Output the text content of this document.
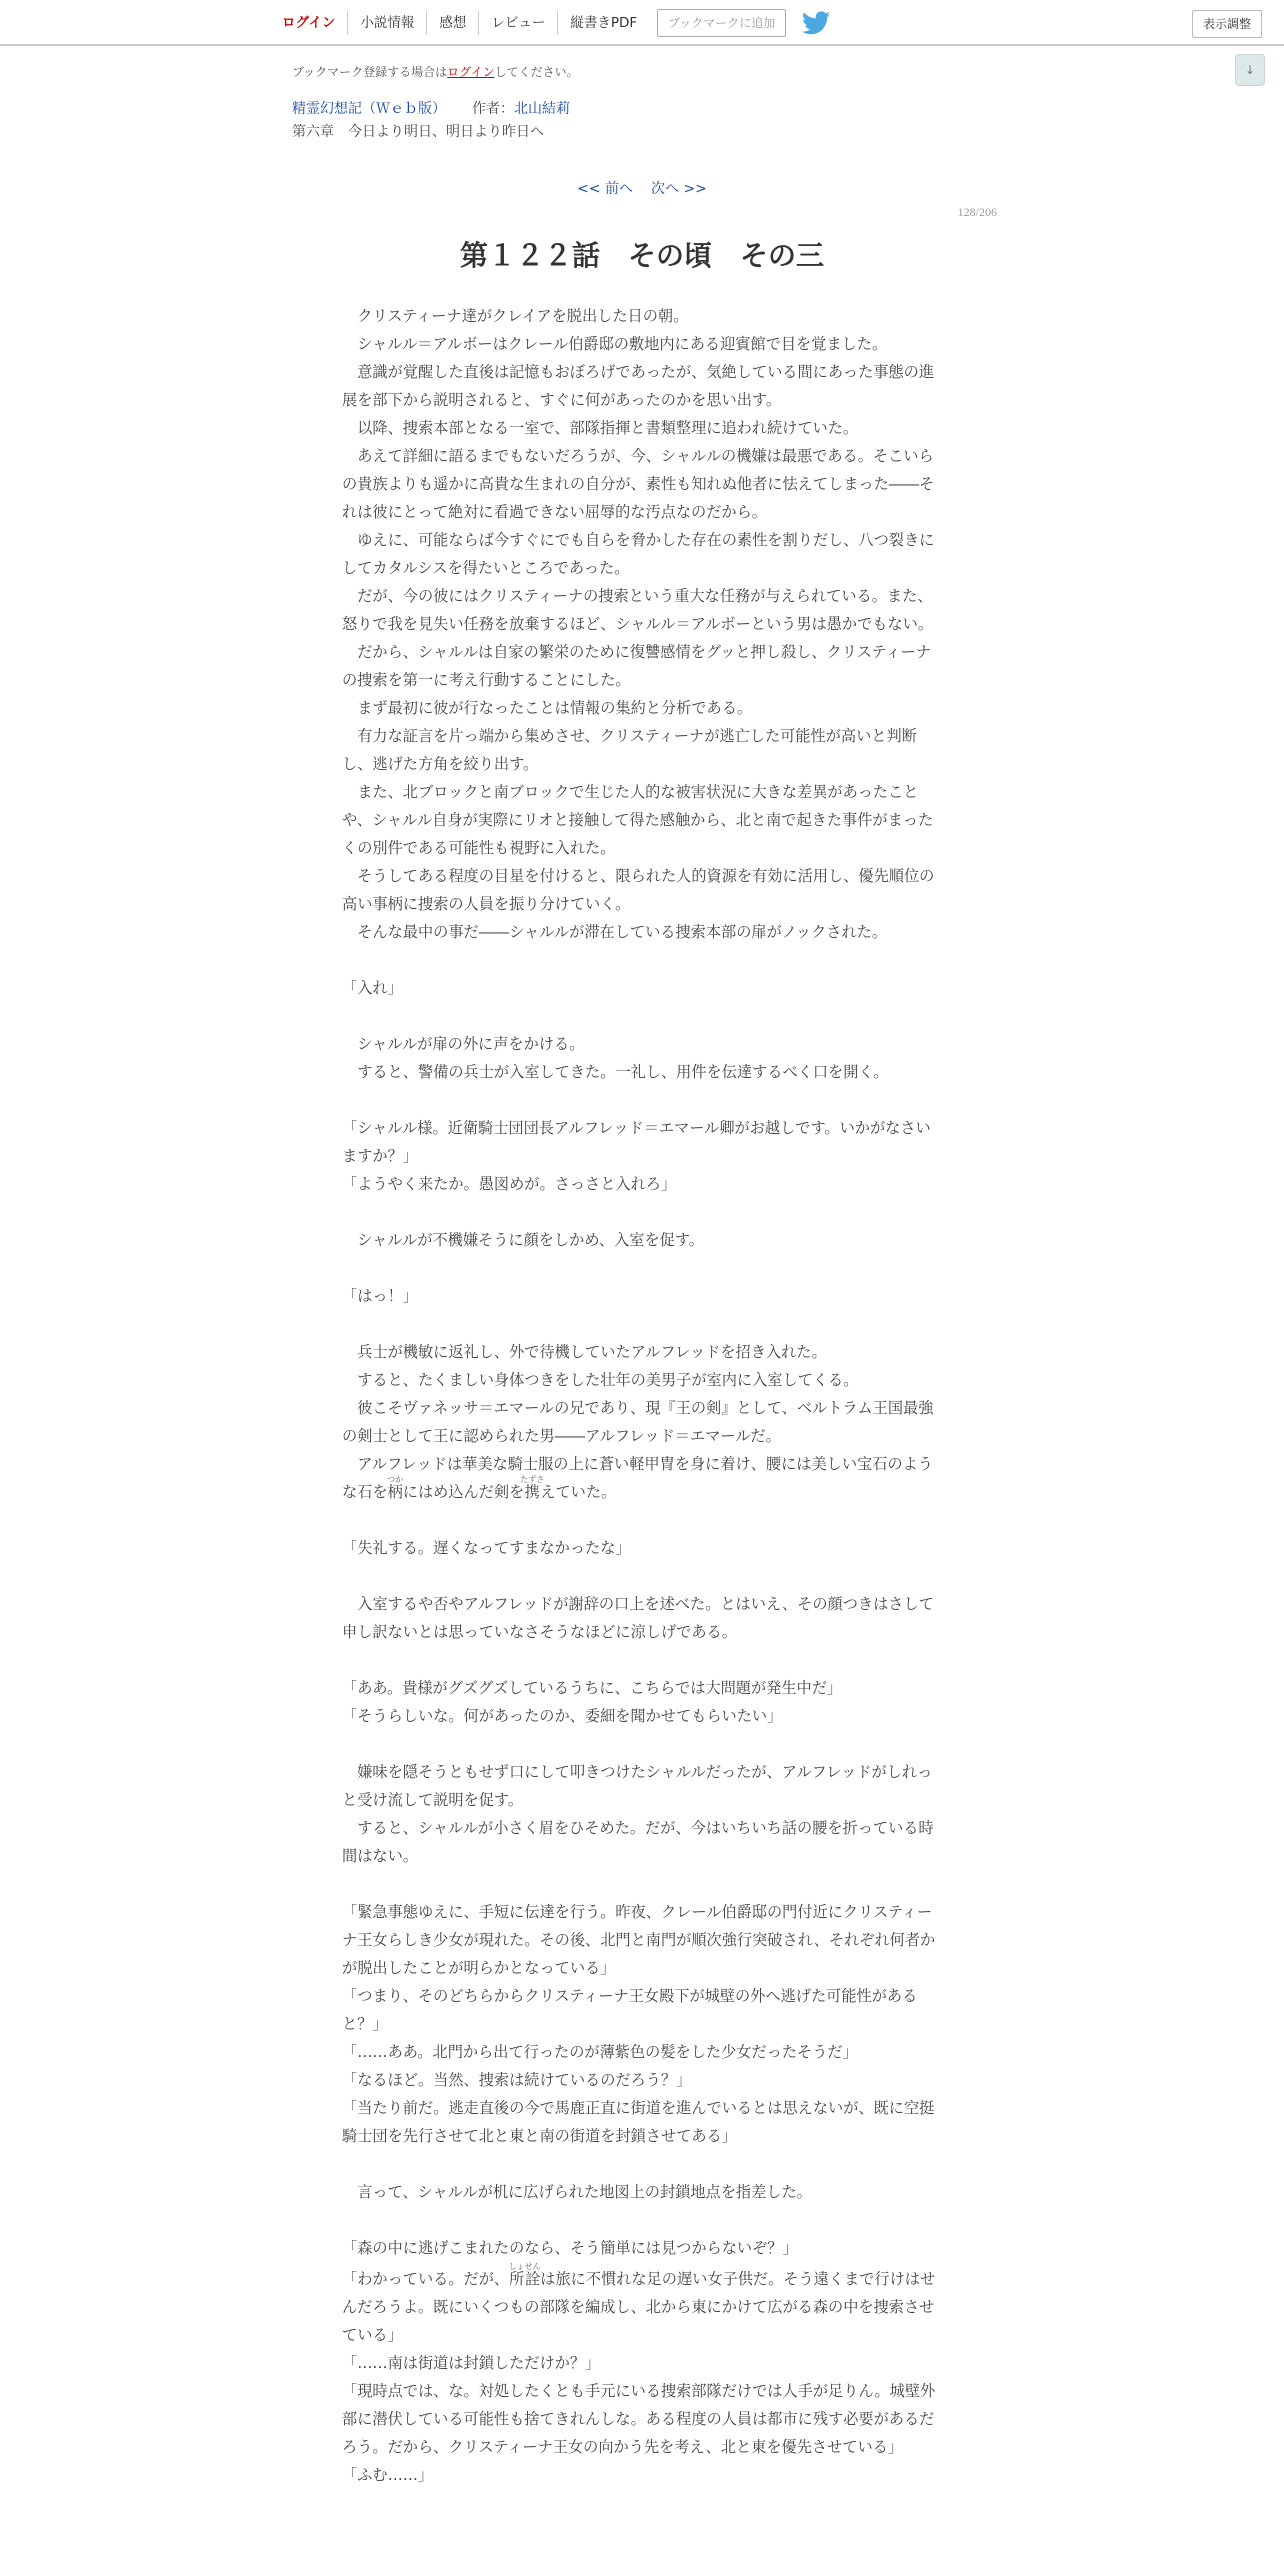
ログイン	小説情報	感想	レビュー	縦書きPDF	ブックマークに追加	表示調整
↓
ブックマーク登録する場合はログインしてください。
精霊幻想記（Ｗｅｂ版） 作者：北山結莉
第六章　今日より明日、明日より昨日へ
<< 前へ 次へ >>
128/206
第１２２話　その頃　その三

　クリスティーナ達がクレイアを脱出した日の朝。

　シャルル＝アルボーはクレール伯爵邸の敷地内にある迎賓館で目を覚ました。

　意識が覚醒した直後は記憶もおぼろげであったが、気絶している間にあった事態の進展を部下から説明されると、すぐに何があったのかを思い出す。

　以降、捜索本部となる一室で、部隊指揮と書類整理に追われ続けていた。

　あえて詳細に語るまでもないだろうが、今、シャルルの機嫌は最悪である。そこいらの貴族よりも遥かに高貴な生まれの自分が、素性も知れぬ他者に怯えてしまった――それは彼にとって絶対に看過できない屈辱的な汚点なのだから。

　ゆえに、可能ならば今すぐにでも自らを脅かした存在の素性を割りだし、八つ裂きにしてカタルシスを得たいところであった。

　だが、今の彼にはクリスティーナの捜索という重大な任務が与えられている。また、怒りで我を見失い任務を放棄するほど、シャルル＝アルボーという男は愚かでもない。

　だから、シャルルは自家の繁栄のために復讐感情をグッと押し殺し、クリスティーナの捜索を第一に考え行動することにした。

　まず最初に彼が行なったことは情報の集約と分析である。

　有力な証言を片っ端から集めさせ、クリスティーナが逃亡した可能性が高いと判断し、逃げた方角を絞り出す。

　また、北ブロックと南ブロックで生じた人的な被害状況に大きな差異があったことや、シャルル自身が実際にリオと接触して得た感触から、北と南で起きた事件がまったくの別件である可能性も視野に入れた。

　そうしてある程度の目星を付けると、限られた人的資源を有効に活用し、優先順位の高い事柄に捜索の人員を振り分けていく。

　そんな最中の事だ――シャルルが滞在している捜索本部の扉がノックされた。

「入れ」

　シャルルが扉の外に声をかける。

　すると、警備の兵士が入室してきた。一礼し、用件を伝達するべく口を開く。

「シャルル様。近衛騎士団団長アルフレッド＝エマール卿がお越しです。いかがなさいますか？」

「ようやく来たか。愚図めが。さっさと入れろ」

　シャルルが不機嫌そうに顔をしかめ、入室を促す。

「はっ！」

　兵士が機敏に返礼し、外で待機していたアルフレッドを招き入れた。

　すると、たくましい身体つきをした壮年の美男子が室内に入室してくる。

　彼こそヴァネッサ＝エマールの兄であり、現『王の剣』として、ベルトラム王国最強の剣士として王に認められた男――アルフレッド＝エマールだ。

　アルフレッドは華美な騎士服の上に蒼い軽甲冑を身に着け、腰には美しい宝石のような石を柄つかにはめ込んだ剣を携たずさえていた。

「失礼する。遅くなってすまなかったな」

　入室するや否やアルフレッドが謝辞の口上を述べた。とはいえ、その顔つきはさして申し訳ないとは思っていなさそうなほどに涼しげである。

「ああ。貴様がグズグズしているうちに、こちらでは大問題が発生中だ」

「そうらしいな。何があったのか、委細を聞かせてもらいたい」

　嫌味を隠そうともせず口にして叩きつけたシャルルだったが、アルフレッドがしれっと受け流して説明を促す。

　すると、シャルルが小さく眉をひそめた。だが、今はいちいち話の腰を折っている時間はない。

「緊急事態ゆえに、手短に伝達を行う。昨夜、クレール伯爵邸の門付近にクリスティーナ王女らしき少女が現れた。その後、北門と南門が順次強行突破され、それぞれ何者かが脱出したことが明らかとなっている」

「つまり、そのどちらからクリスティーナ王女殿下が城壁の外へ逃げた可能性があると？」

「……ああ。北門から出て行ったのが薄紫色の髪をした少女だったそうだ」

「なるほど。当然、捜索は続けているのだろう？」

「当たり前だ。逃走直後の今で馬鹿正直に街道を進んでいるとは思えないが、既に空挺騎士団を先行させて北と東と南の街道を封鎖させてある」

　言って、シャルルが机に広げられた地図上の封鎖地点を指差した。

「森の中に逃げこまれたのなら、そう簡単には見つからないぞ？」

「わかっている。だが、所詮しょせんは旅に不慣れな足の遅い女子供だ。そう遠くまで行けはせんだろうよ。既にいくつもの部隊を編成し、北から東にかけて広がる森の中を捜索させている」

「……南は街道は封鎖しただけか？」

「現時点では、な。対処したくとも手元にいる捜索部隊だけでは人手が足りん。城壁外部に潜伏している可能性も捨てきれんしな。ある程度の人員は都市に残す必要があるだろう。だから、クリスティーナ王女の向かう先を考え、北と東を優先させている」

「ふむ……」
